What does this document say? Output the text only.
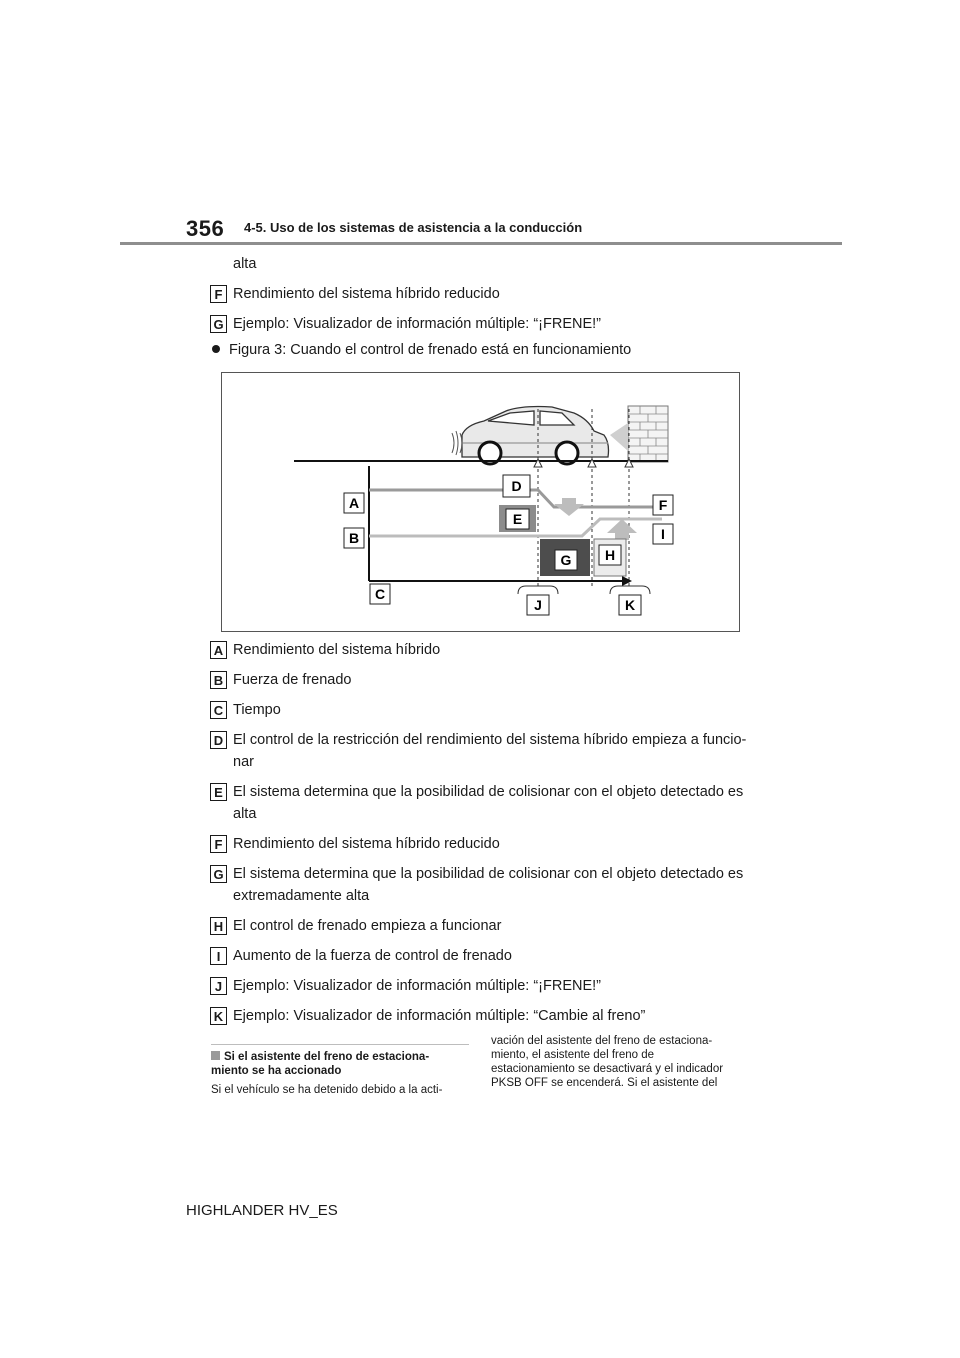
356 4-5. Uso de los sistemas de asistencia a la conducción
alta
F Rendimiento del sistema híbrido reducido
G Ejemplo: Visualizador de información múltiple: “¡FRENE!”
Figura 3: Cuando el control de frenado está en funcionamiento
A
B
C
D
E
F
G H
I
J	K
A Rendimiento del sistema híbrido
B Fuerza de frenado
C Tiempo
D El control de la restricción del rendimiento del sistema híbrido empieza a funcio-
nar
E El sistema determina que la posibilidad de colisionar con el objeto detectado es
alta
F Rendimiento del sistema híbrido reducido
G El sistema determina que la posibilidad de colisionar con el objeto detectado es
extremadamente alta
H El control de frenado empieza a funcionar
I Aumento de la fuerza de control de frenado
J Ejemplo: Visualizador de información múltiple: “¡FRENE!”
K Ejemplo: Visualizador de información múltiple: “Cambie al freno”
Si el asistente del freno de estaciona-
miento se ha accionado
Si el vehículo se ha detenido debido a la acti-
vación del asistente del freno de estaciona-
miento, el asistente del freno de
estacionamiento se desactivará y el indicador
PKSB OFF se encenderá. Si el asistente del
HIGHLANDER HV_ES
